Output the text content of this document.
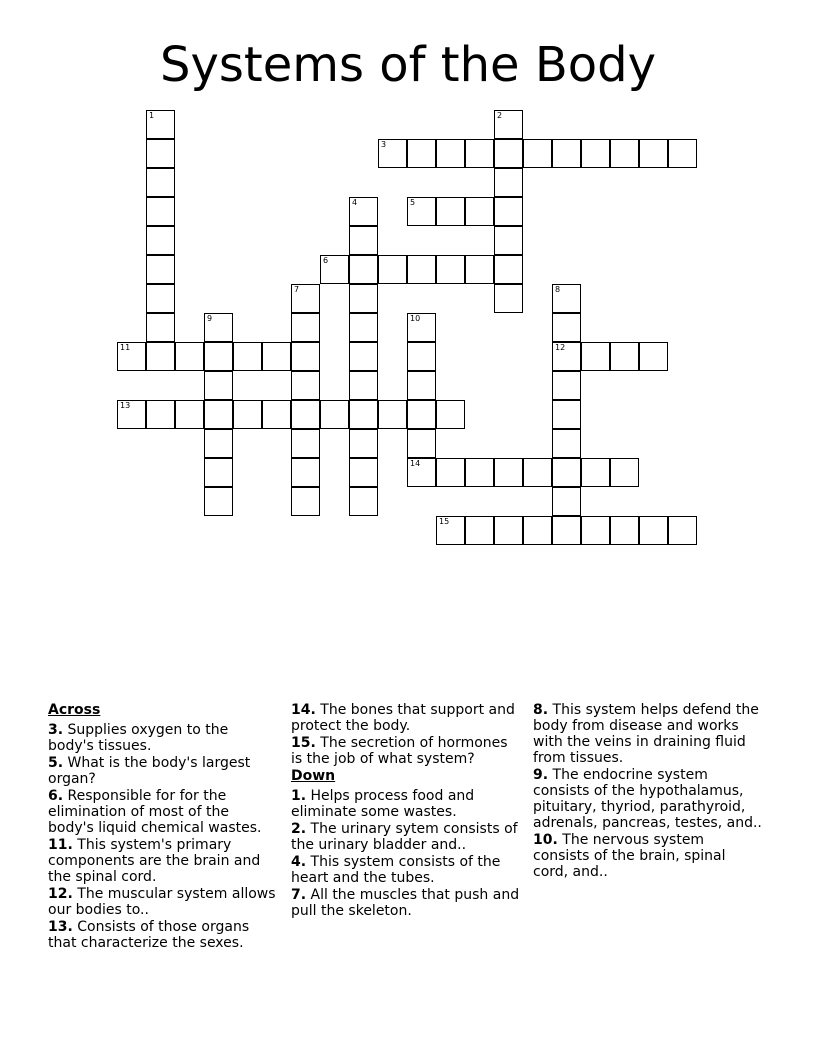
Systems of the Body
1	2
3
4	5
6
7	8
12
9	10
11
13
14
15
Across
3. Supplies oxygen to the body's tissues.
5. What is the body's largest organ?
6. Responsible for for the elimination of most of the body's liquid chemical wastes.
11. This system's primary components are the brain and the spinal cord.
12. The muscular system allows our bodies to..
13. Consists of those organs that characterize the sexes.
14. The bones that support and protect the body.
15. The secretion of hormones is the job of what system?
Down
1. Helps process food and eliminate some wastes.
2. The urinary sytem consists of the urinary bladder and..
4. This system consists of the heart and the tubes.
7. All the muscles that push and pull the skeleton.
8. This system helps defend the body from disease and works with the veins in draining fluid from tissues.
9. The endocrine system consists of the hypothalamus, pituitary, thyriod, parathyroid, adrenals, pancreas, testes, and..
10. The nervous system consists of the brain, spinal cord, and..
